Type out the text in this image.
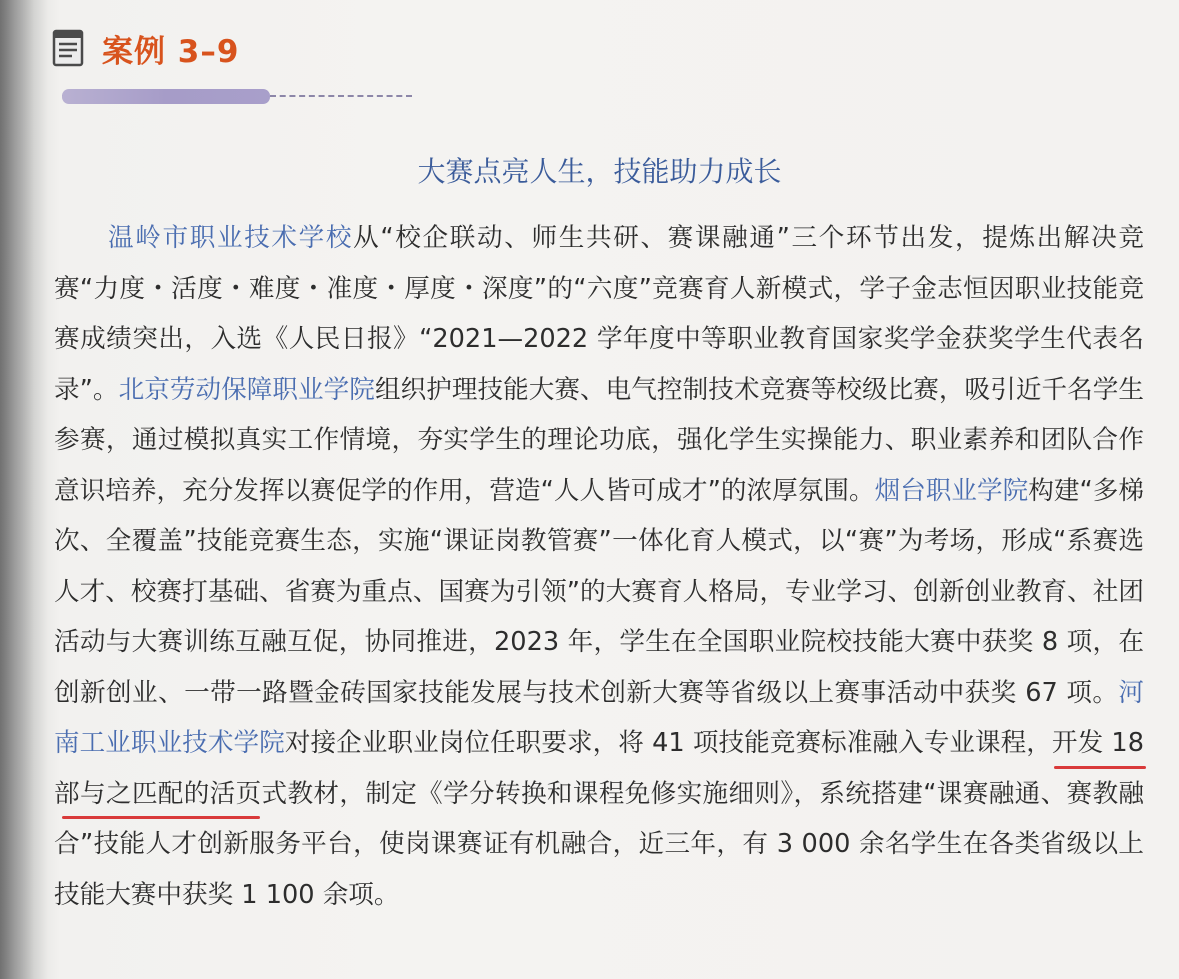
案例 3–9
大赛点亮人生，技能助力成长
温岭市职业技术学校从“校企联动、师生共研、赛课融通”三个环节出发，提炼出解决竞赛“力度・活度・难度・准度・厚度・深度”的“六度”竞赛育人新模式，学子金志恒因职业技能竞赛成绩突出，入选《人民日报》“2021—2022 学年度中等职业教育国家奖学金获奖学生代表名录”。北京劳动保障职业学院组织护理技能大赛、电气控制技术竞赛等校级比赛，吸引近千名学生参赛，通过模拟真实工作情境，夯实学生的理论功底，强化学生实操能力、职业素养和团队合作意识培养，充分发挥以赛促学的作用，营造“人人皆可成才”的浓厚氛围。烟台职业学院构建“多梯次、全覆盖”技能竞赛生态，实施“课证岗教管赛”一体化育人模式，以“赛”为考场，形成“系赛选人才、校赛打基础、省赛为重点、国赛为引领”的大赛育人格局，专业学习、创新创业教育、社团活动与大赛训练互融互促，协同推进，2023 年，学生在全国职业院校技能大赛中获奖 8 项，在创新创业、一带一路暨金砖国家技能发展与技术创新大赛等省级以上赛事活动中获奖 67 项。河南工业职业技术学院对接企业职业岗位任职要求，将 41 项技能竞赛标准融入专业课程，开发 18 部与之匹配的活页式教材，制定《学分转换和课程免修实施细则》，系统搭建“课赛融通、赛教融合”技能人才创新服务平台，使岗课赛证有机融合，近三年，有 3 000 余名学生在各类省级以上技能大赛中获奖 1 100 余项。
